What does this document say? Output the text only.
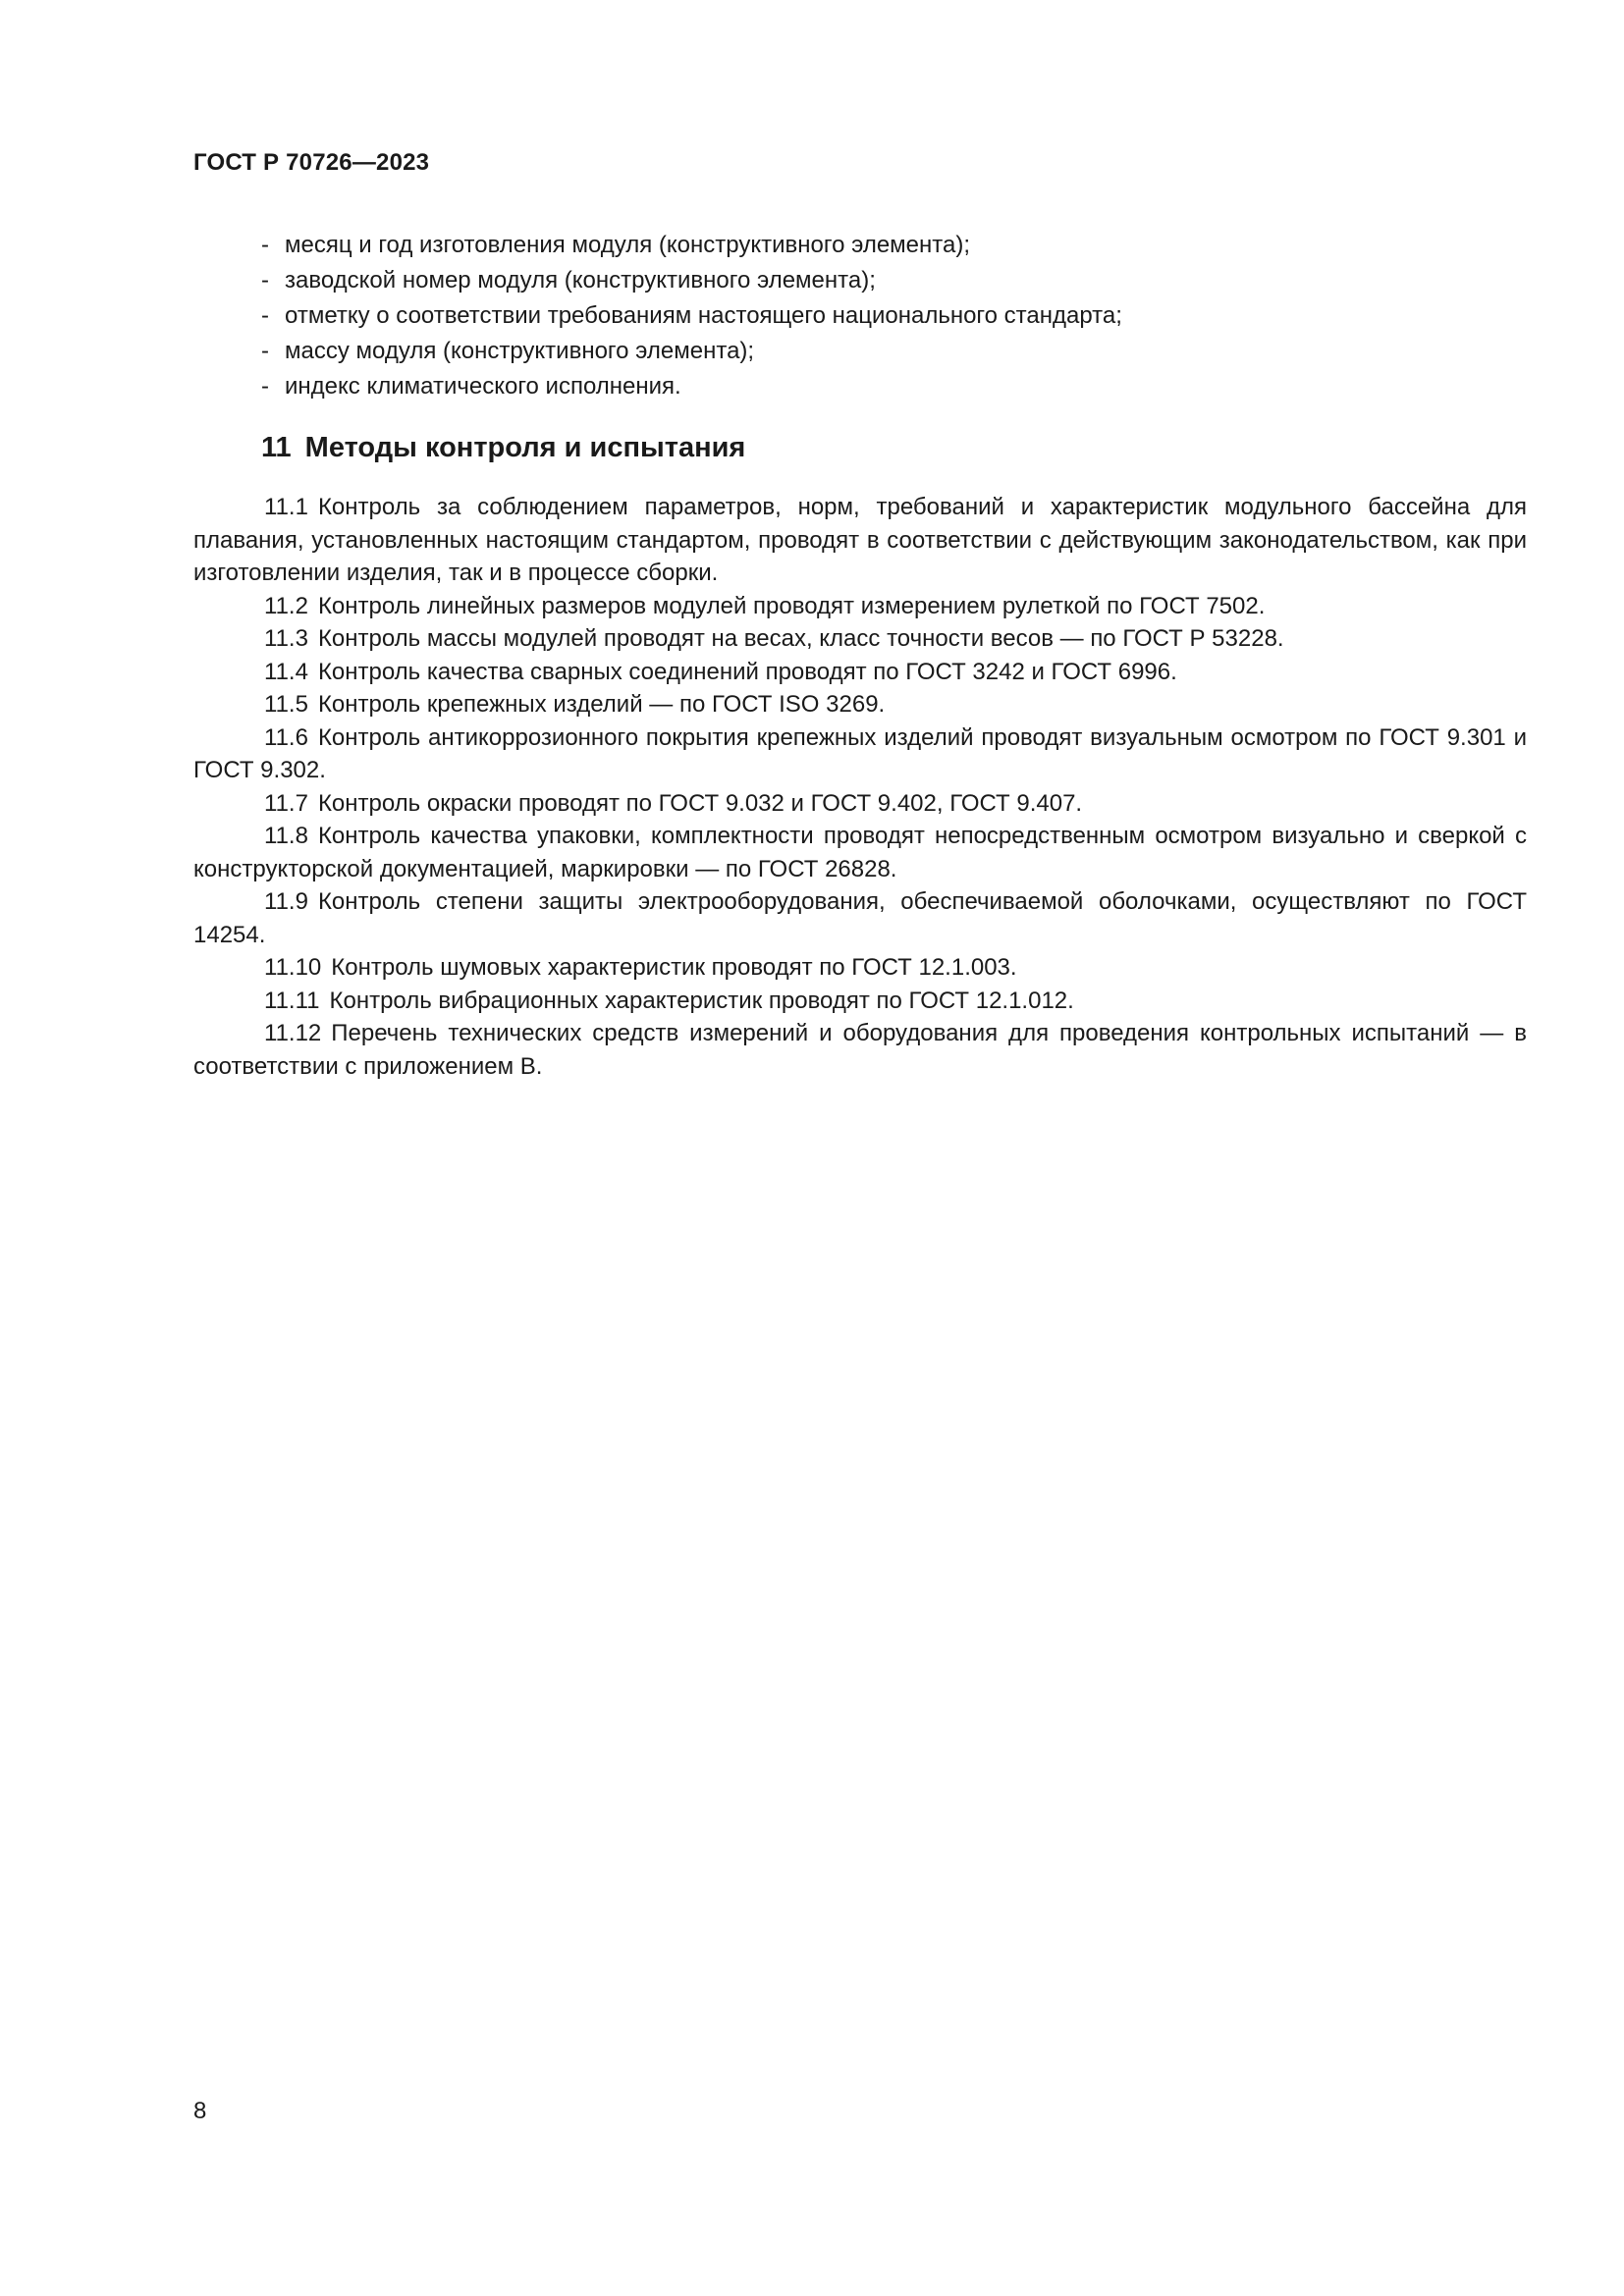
ГОСТ Р 70726—2023
- месяц и год изготовления модуля (конструктивного элемента);
- заводской номер модуля (конструктивного элемента);
- отметку о соответствии требованиям настоящего национального стандарта;
- массу модуля (конструктивного элемента);
- индекс климатического исполнения.
11 Методы контроля и испытания

11.1 Контроль за соблюдением параметров, норм, требований и характеристик модульного бассейна для плавания, установленных настоящим стандартом, проводят в соответствии с действующим законодательством, как при изготовлении изделия, так и в процессе сборки.

11.2 Контроль линейных размеров модулей проводят измерением рулеткой по ГОСТ 7502.

11.3 Контроль массы модулей проводят на весах, класс точности весов — по ГОСТ Р 53228.

11.4 Контроль качества сварных соединений проводят по ГОСТ 3242 и ГОСТ 6996.

11.5 Контроль крепежных изделий — по ГОСТ ISO 3269.

11.6 Контроль антикоррозионного покрытия крепежных изделий проводят визуальным осмотром по ГОСТ 9.301 и ГОСТ 9.302.

11.7 Контроль окраски проводят по ГОСТ 9.032 и ГОСТ 9.402, ГОСТ 9.407.

11.8 Контроль качества упаковки, комплектности проводят непосредственным осмотром визуально и сверкой с конструкторской документацией, маркировки — по ГОСТ 26828.

11.9 Контроль степени защиты электрооборудования, обеспечиваемой оболочками, осуществляют по ГОСТ 14254.

11.10 Контроль шумовых характеристик проводят по ГОСТ 12.1.003.

11.11 Контроль вибрационных характеристик проводят по ГОСТ 12.1.012.

11.12 Перечень технических средств измерений и оборудования для проведения контрольных испытаний — в соответствии с приложением В.

8
